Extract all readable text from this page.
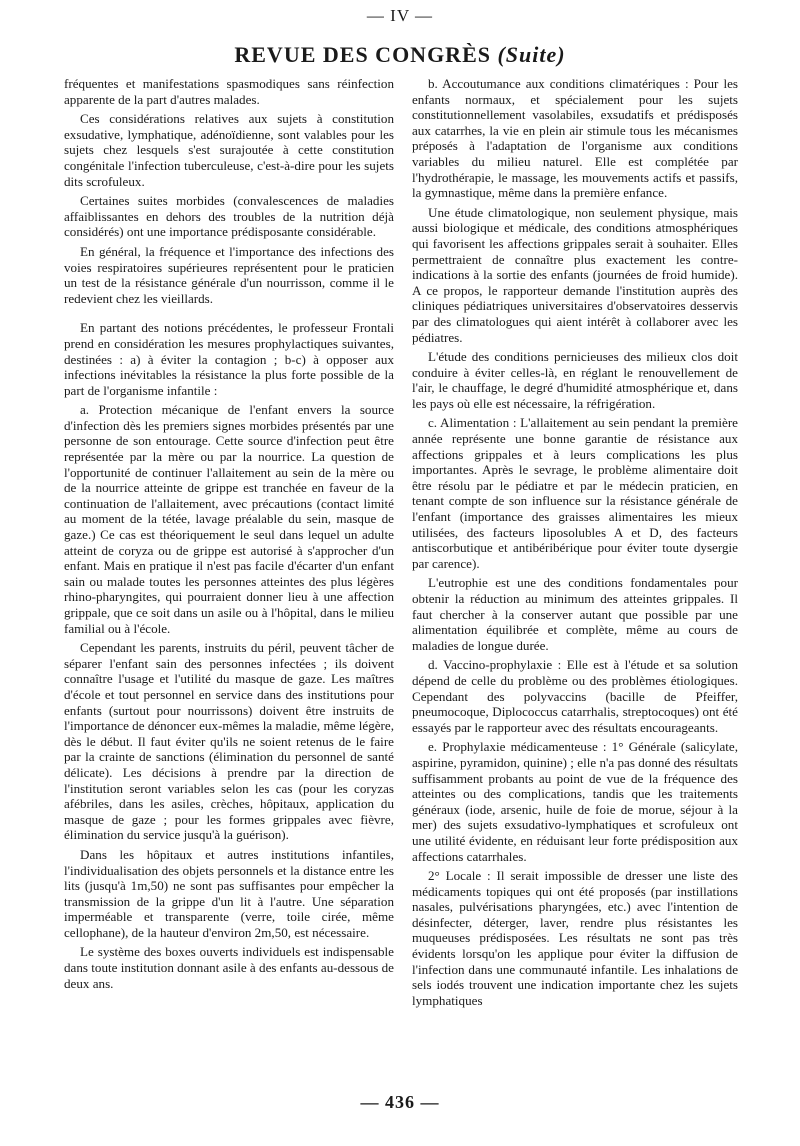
— IV —
REVUE DES CONGRÈS (Suite)

fréquentes et manifestations spasmodiques sans réinfection apparente de la part d'autres malades.

Ces considérations relatives aux sujets à constitution exsudative, lymphatique, adénoïdienne, sont valables pour les sujets chez lesquels s'est surajoutée à cette constitution congénitale l'infection tuberculeuse, c'est-à-dire pour les sujets dits scrofuleux.

Certaines suites morbides (convalescences de maladies affaiblissantes en dehors des troubles de la nutrition déjà considérés) ont une importance prédisposante considérable.

En général, la fréquence et l'importance des infections des voies respiratoires supérieures représentent pour le praticien un test de la résistance générale d'un nourrisson, comme il le redevient chez les vieillards.

En partant des notions précédentes, le professeur Frontali prend en considération les mesures prophylactiques suivantes, destinées : a) à éviter la contagion ; b-c) à opposer aux infections inévitables la résistance la plus forte possible de la part de l'organisme infantile :

a. Protection mécanique de l'enfant envers la source d'infection dès les premiers signes morbides présentés par une personne de son entourage. Cette source d'infection peut être représentée par la mère ou par la nourrice. La question de l'opportunité de continuer l'allaitement au sein de la mère ou de la nourrice atteinte de grippe est tranchée en faveur de la continuation de l'allaitement, avec précautions (contact limité au moment de la tétée, lavage préalable du sein, masque de gaze.) Ce cas est théoriquement le seul dans lequel un adulte atteint de coryza ou de grippe est autorisé à s'approcher d'un enfant. Mais en pratique il n'est pas facile d'écarter d'un enfant sain ou malade toutes les personnes atteintes des plus légères rhino-pharyngites, qui pourraient donner lieu à une affection grippale, que ce soit dans un asile ou à l'hôpital, dans le milieu familial ou à l'école.

Cependant les parents, instruits du péril, peuvent tâcher de séparer l'enfant sain des personnes infectées ; ils doivent connaître l'usage et l'utilité du masque de gaze. Les maîtres d'école et tout personnel en service dans des institutions pour enfants (surtout pour nourrissons) doivent être instruits de l'importance de dénoncer eux-mêmes la maladie, même légère, dès le début. Il faut éviter qu'ils ne soient retenus de le faire par la crainte de sanctions (élimination du personnel de santé délicate). Les décisions à prendre par la direction de l'institution seront variables selon les cas (pour les coryzas afébriles, dans les asiles, crèches, hôpitaux, application du masque de gaze ; pour les formes grippales avec fièvre, élimination du service jusqu'à la guérison).

Dans les hôpitaux et autres institutions infantiles, l'individualisation des objets personnels et la distance entre les lits (jusqu'à 1m,50) ne sont pas suffisantes pour empêcher la transmission de la grippe d'un lit à l'autre. Une séparation imperméable et transparente (verre, toile cirée, même cellophane), de la hauteur d'environ 2m,50, est nécessaire.

Le système des boxes ouverts individuels est indispensable dans toute institution donnant asile à des enfants au-dessous de deux ans.

b. Accoutumance aux conditions climatériques : Pour les enfants normaux, et spécialement pour les sujets constitutionnellement vasolabiles, exsudatifs et prédisposés aux catarrhes, la vie en plein air stimule tous les mécanismes préposés à l'adaptation de l'organisme aux conditions variables du milieu naturel. Elle est complétée par l'hydrothérapie, le massage, les mouvements actifs et passifs, la gymnastique, même dans la première enfance.

Une étude climatologique, non seulement physique, mais aussi biologique et médicale, des conditions atmosphériques qui favorisent les affections grippales serait à souhaiter. Elles permettraient de connaître plus exactement les contre-indications à la sortie des enfants (journées de froid humide). A ce propos, le rapporteur demande l'institution auprès des cliniques pédiatriques universitaires d'observatoires desservis par des climatologues qui aient intérêt à collaborer avec les pédiatres.

L'étude des conditions pernicieuses des milieux clos doit conduire à éviter celles-là, en réglant le renouvellement de l'air, le chauffage, le degré d'humidité atmosphérique et, dans les pays où elle est nécessaire, la réfrigération.

c. Alimentation : L'allaitement au sein pendant la première année représente une bonne garantie de résistance aux affections grippales et à leurs complications les plus importantes. Après le sevrage, le problème alimentaire doit être résolu par le pédiatre et par le médecin praticien, en tenant compte de son influence sur la résistance générale de l'enfant (importance des graisses alimentaires les mieux utilisées, des facteurs liposolubles A et D, des facteurs antiscorbutique et antibéribérique pour éviter toute dysergie par carence).

L'eutrophie est une des conditions fondamentales pour obtenir la réduction au minimum des atteintes grippales. Il faut chercher à la conserver autant que possible par une alimentation équilibrée et complète, même au cours de maladies de longue durée.

d. Vaccino-prophylaxie : Elle est à l'étude et sa solution dépend de celle du problème ou des problèmes étiologiques. Cependant des polyvaccins (bacille de Pfeiffer, pneumocoque, Diplococcus catarrhalis, streptocoques) ont été essayés par le rapporteur avec des résultats encourageants.

e. Prophylaxie médicamenteuse : 1° Générale (salicylate, aspirine, pyramidon, quinine) ; elle n'a pas donné des résultats suffisamment probants au point de vue de la fréquence des atteintes ou des complications, tandis que les traitements généraux (iode, arsenic, huile de foie de morue, séjour à la mer) des sujets exsudativo-lymphatiques et scrofuleux ont une utilité évidente, en réduisant leur forte prédisposition aux affections catarrhales.

2° Locale : Il serait impossible de dresser une liste des médicaments topiques qui ont été proposés (par instillations nasales, pulvérisations pharyngées, etc.) avec l'intention de désinfecter, déterger, laver, rendre plus résistantes les muqueuses prédisposées. Les résultats ne sont pas très évidents lorsqu'on les applique pour éviter la diffusion de l'infection dans une communauté infantile. Les inhalations de sels iodés trouvent une indication importante chez les sujets lymphatiques

— 436 —
